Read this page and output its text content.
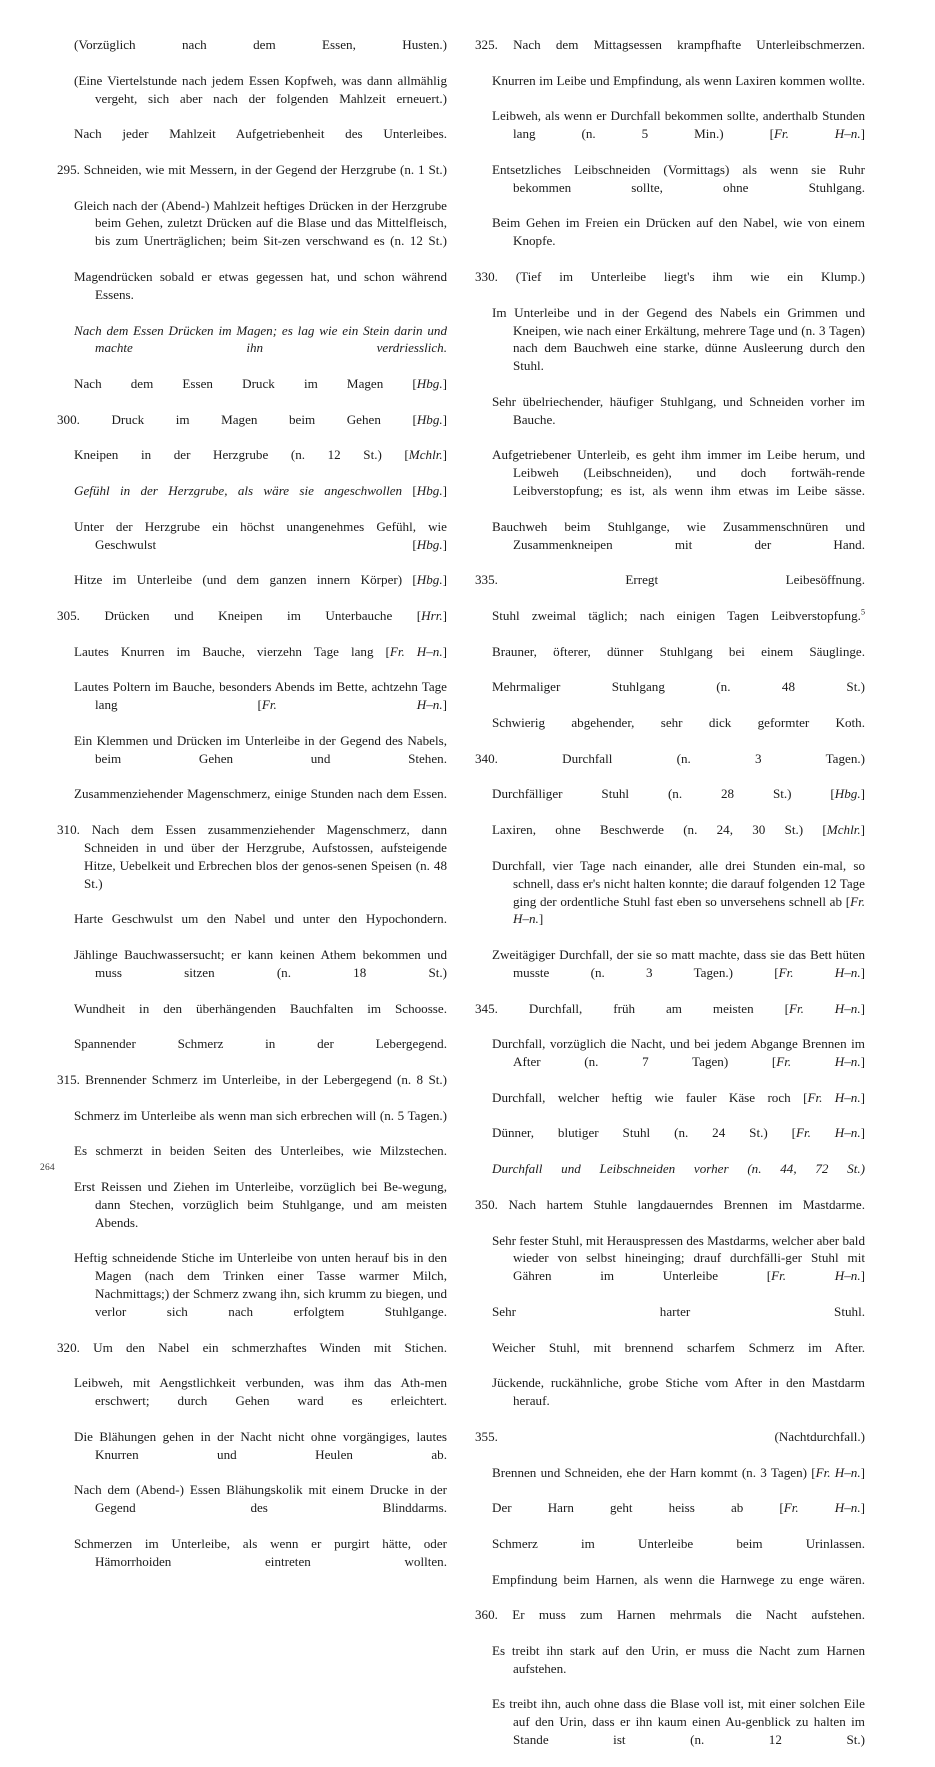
(Vorzüglich nach dem Essen, Husten.)

(Eine Viertelstunde nach jedem Essen Kopfweh, was dann allmählig vergeht, sich aber nach der folgenden Mahlzeit erneuert.)

Nach jeder Mahlzeit Aufgetriebenheit des Unterleibes.

295. Schneiden, wie mit Messern, in der Gegend der Herzgrube (n. 1 St.)

Gleich nach der (Abend-) Mahlzeit heftiges Drücken in der Herzgrube beim Gehen, zuletzt Drücken auf die Blase und das Mittelfleisch, bis zum Unerträglichen; beim Sit-zen verschwand es (n. 12 St.)

Magendrücken sobald er etwas gegessen hat, und schon während Essens.

Nach dem Essen Drücken im Magen; es lag wie ein Stein darin und machte ihn verdriesslich.

Nach dem Essen Druck im Magen [Hbg.]

300. Druck im Magen beim Gehen [Hbg.]

Kneipen in der Herzgrube (n. 12 St.) [Mchlr.]

Gefühl in der Herzgrube, als wäre sie angeschwollen [Hbg.]

Unter der Herzgrube ein höchst unangenehmes Gefühl, wie Geschwulst [Hbg.]

Hitze im Unterleibe (und dem ganzen innern Körper) [Hbg.]

305. Drücken und Kneipen im Unterbauche [Hrr.]

Lautes Knurren im Bauche, vierzehn Tage lang [Fr. H–n.]

Lautes Poltern im Bauche, besonders Abends im Bette, achtzehn Tage lang [Fr. H–n.]

Ein Klemmen und Drücken im Unterleibe in der Gegend des Nabels, beim Gehen und Stehen.

Zusammenziehender Magenschmerz, einige Stunden nach dem Essen.

310. Nach dem Essen zusammenziehender Magenschmerz, dann Schneiden in und über der Herzgrube, Aufstossen, aufsteigende Hitze, Uebelkeit und Erbrechen blos der genos-senen Speisen (n. 48 St.)

Harte Geschwulst um den Nabel und unter den Hypochondern.

Jählinge Bauchwassersucht; er kann keinen Athem bekommen und muss sitzen (n. 18 St.)

Wundheit in den überhängenden Bauchfalten im Schoosse.

Spannender Schmerz in der Lebergegend.

315. Brennender Schmerz im Unterleibe, in der Lebergegend (n. 8 St.)

Schmerz im Unterleibe als wenn man sich erbrechen will (n. 5 Tagen.)

Es schmerzt in beiden Seiten des Unterleibes, wie Milzstechen.

Erst Reissen und Ziehen im Unterleibe, vorzüglich bei Be-wegung, dann Stechen, vorzüglich beim Stuhlgange, und am meisten Abends.

Heftig schneidende Stiche im Unterleibe von unten herauf bis in den Magen (nach dem Trinken einer Tasse warmer Milch, Nachmittags;) der Schmerz zwang ihn, sich krumm zu biegen, und verlor sich nach erfolgtem Stuhlgange.

320. Um den Nabel ein schmerzhaftes Winden mit Stichen.

Leibweh, mit Aengstlichkeit verbunden, was ihm das Ath-men erschwert; durch Gehen ward es erleichtert.

Die Blähungen gehen in der Nacht nicht ohne vorgängiges, lautes Knurren und Heulen ab.

Nach dem (Abend-) Essen Blähungskolik mit einem Drucke in der Gegend des Blinddarms.

Schmerzen im Unterleibe, als wenn er purgirt hätte, oder Hämorrhoiden eintreten wollten.

325. Nach dem Mittagsessen krampfhafte Unterleibschmerzen.

Knurren im Leibe und Empfindung, als wenn Laxiren kommen wollte.

Leibweh, als wenn er Durchfall bekommen sollte, anderthalb Stunden lang (n. 5 Min.) [Fr. H–n.]

Entsetzliches Leibschneiden (Vormittags) als wenn sie Ruhr bekommen sollte, ohne Stuhlgang.

Beim Gehen im Freien ein Drücken auf den Nabel, wie von einem Knopfe.

330. (Tief im Unterleibe liegt's ihm wie ein Klump.)

Im Unterleibe und in der Gegend des Nabels ein Grimmen und Kneipen, wie nach einer Erkältung, mehrere Tage und (n. 3 Tagen) nach dem Bauchweh eine starke, dünne Ausleerung durch den Stuhl.

Sehr übelriechender, häufiger Stuhlgang, und Schneiden vorher im Bauche.

Aufgetriebener Unterleib, es geht ihm immer im Leibe herum, und Leibweh (Leibschneiden), und doch fortwäh-rende Leibverstopfung; es ist, als wenn ihm etwas im Leibe sässe.

Bauchweh beim Stuhlgange, wie Zusammenschnüren und Zusammenkneipen mit der Hand.

335. Erregt Leibesöffnung.

Stuhl zweimal täglich; nach einigen Tagen Leibverstopfung.$^5$

Brauner, öfterer, dünner Stuhlgang bei einem Säuglinge.

Mehrmaliger Stuhlgang (n. 48 St.)

Schwierig abgehender, sehr dick geformter Koth.

340. Durchfall (n. 3 Tagen.)

Durchfälliger Stuhl (n. 28 St.) [Hbg.]

Laxiren, ohne Beschwerde (n. 24, 30 St.) [Mchlr.]

Durchfall, vier Tage nach einander, alle drei Stunden ein-mal, so schnell, dass er's nicht halten konnte; die darauf folgenden 12 Tage ging der ordentliche Stuhl fast eben so unversehens schnell ab [Fr. H–n.]

Zweitägiger Durchfall, der sie so matt machte, dass sie das Bett hüten musste (n. 3 Tagen.) [Fr. H–n.]

345. Durchfall, früh am meisten [Fr. H–n.]

Durchfall, vorzüglich die Nacht, und bei jedem Abgange Brennen im After (n. 7 Tagen) [Fr. H–n.]

Durchfall, welcher heftig wie fauler Käse roch [Fr. H–n.]

Dünner, blutiger Stuhl (n. 24 St.) [Fr. H–n.]

Durchfall und Leibschneiden vorher (n. 44, 72 St.)

350. Nach hartem Stuhle langdauerndes Brennen im Mastdarme.

Sehr fester Stuhl, mit Herauspressen des Mastdarms, welcher aber bald wieder von selbst hineinging; drauf durchfälli-ger Stuhl mit Gähren im Unterleibe [Fr. H–n.]

Sehr harter Stuhl.

Weicher Stuhl, mit brennend scharfem Schmerz im After.

Jückende, ruckähnliche, grobe Stiche vom After in den Mastdarm herauf.

355. (Nachtdurchfall.)

Brennen und Schneiden, ehe der Harn kommt (n. 3 Tagen) [Fr. H–n.]

Der Harn geht heiss ab [Fr. H–n.]

Schmerz im Unterleibe beim Urinlassen.

Empfindung beim Harnen, als wenn die Harnwege zu enge wären.

360. Er muss zum Harnen mehrmals die Nacht aufstehen.

Es treibt ihn stark auf den Urin, er muss die Nacht zum Harnen aufstehen.

Es treibt ihn, auch ohne dass die Blase voll ist, mit einer solchen Eile auf den Urin, dass er ihn kaum einen Au-genblick zu halten im Stande ist (n. 12 St.)

264
